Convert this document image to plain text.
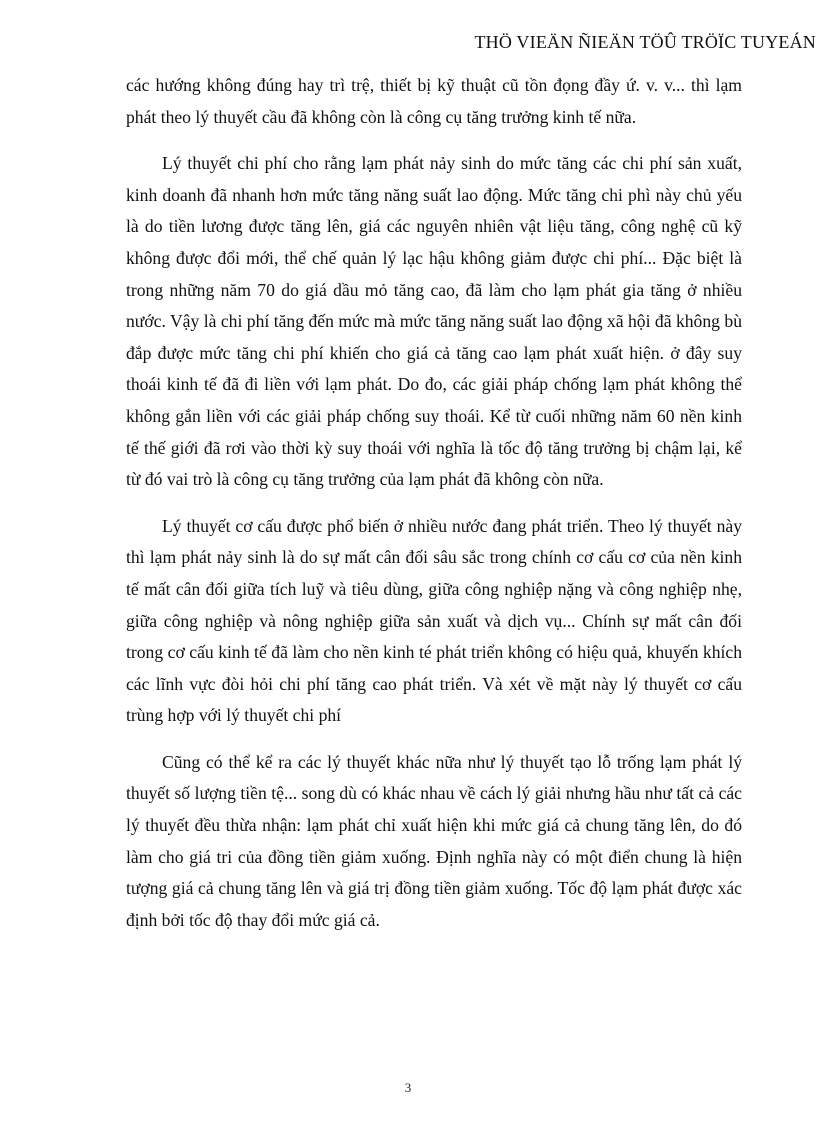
THÖ VIEÄN ÑIEÄN TÖÛ TRÖÏC TUYEÁN

các hướng không đúng hay trì trệ, thiết bị kỹ thuật cũ tồn đọng đầy ứ. v. v... thì lạm phát theo lý thuyết cầu đã không còn là công cụ tăng trưởng kinh tế nữa.

Lý thuyết chi phí cho rằng lạm phát nảy sinh do mức tăng các chi phí sản xuất, kinh doanh đã nhanh hơn mức tăng năng suất lao động. Mức tăng chi phì này chủ yếu là do tiền lương được tăng lên, giá các nguyên nhiên vật liệu tăng, công nghệ cũ kỹ không được đổi mới, thể chế quản lý lạc hậu không giảm được chi phí... Đặc biệt là trong những năm 70 do giá dầu mỏ tăng cao, đã làm cho lạm phát gia tăng ở nhiều nước. Vậy là chi phí tăng đến mức mà mức tăng năng suất lao động xã hội đã không bù đắp được mức tăng chi phí khiến cho giá cả tăng cao lạm phát xuất hiện. ở đây suy thoái kinh tế đã đi liền với lạm phát. Do đo, các giải pháp chống lạm phát không thể không gắn liền với các giải pháp chống suy thoái. Kể từ cuối những năm 60 nền kinh tế thế giới đã rơi vào thời kỳ suy thoái với nghĩa là tốc độ tăng trưởng bị chậm lại, kể từ đó vai trò là công cụ tăng trưởng của lạm phát đã không còn nữa.

Lý thuyết cơ cấu được phổ biến ở nhiều nước đang phát triển. Theo lý thuyết này thì lạm phát nảy sinh là do sự mất cân đối sâu sắc trong chính cơ cấu cơ của nền kinh tế mất cân đối giữa tích luỹ và tiêu dùng, giữa công nghiệp nặng và công nghiệp nhẹ, giữa công nghiệp và nông nghiệp giữa sản xuất và dịch vụ... Chính sự mất cân đối trong cơ cấu kinh tế đã làm cho nền kinh té phát triển không có hiệu quả, khuyến khích các lĩnh vực đòi hỏi chi phí tăng cao phát triển. Và xét về mặt này lý thuyết cơ cấu trùng hợp với lý thuyết chi phí

Cũng có thể kể ra các lý thuyết khác nữa như lý thuyết tạo lỗ trống lạm phát lý thuyết số lượng tiền tệ... song dù có khác nhau về cách lý giải nhưng hầu như tất cả các lý thuyết đều thừa nhận: lạm phát chỉ xuất hiện khi mức giá cả chung tăng lên, do đó làm cho giá tri của đồng tiền giảm xuống. Định nghĩa này có một điển chung là hiện tượng giá cả chung tăng lên và giá trị đồng tiền giảm xuống. Tốc độ lạm phát được xác định bởi tốc độ thay đổi mức giá cả.

3
